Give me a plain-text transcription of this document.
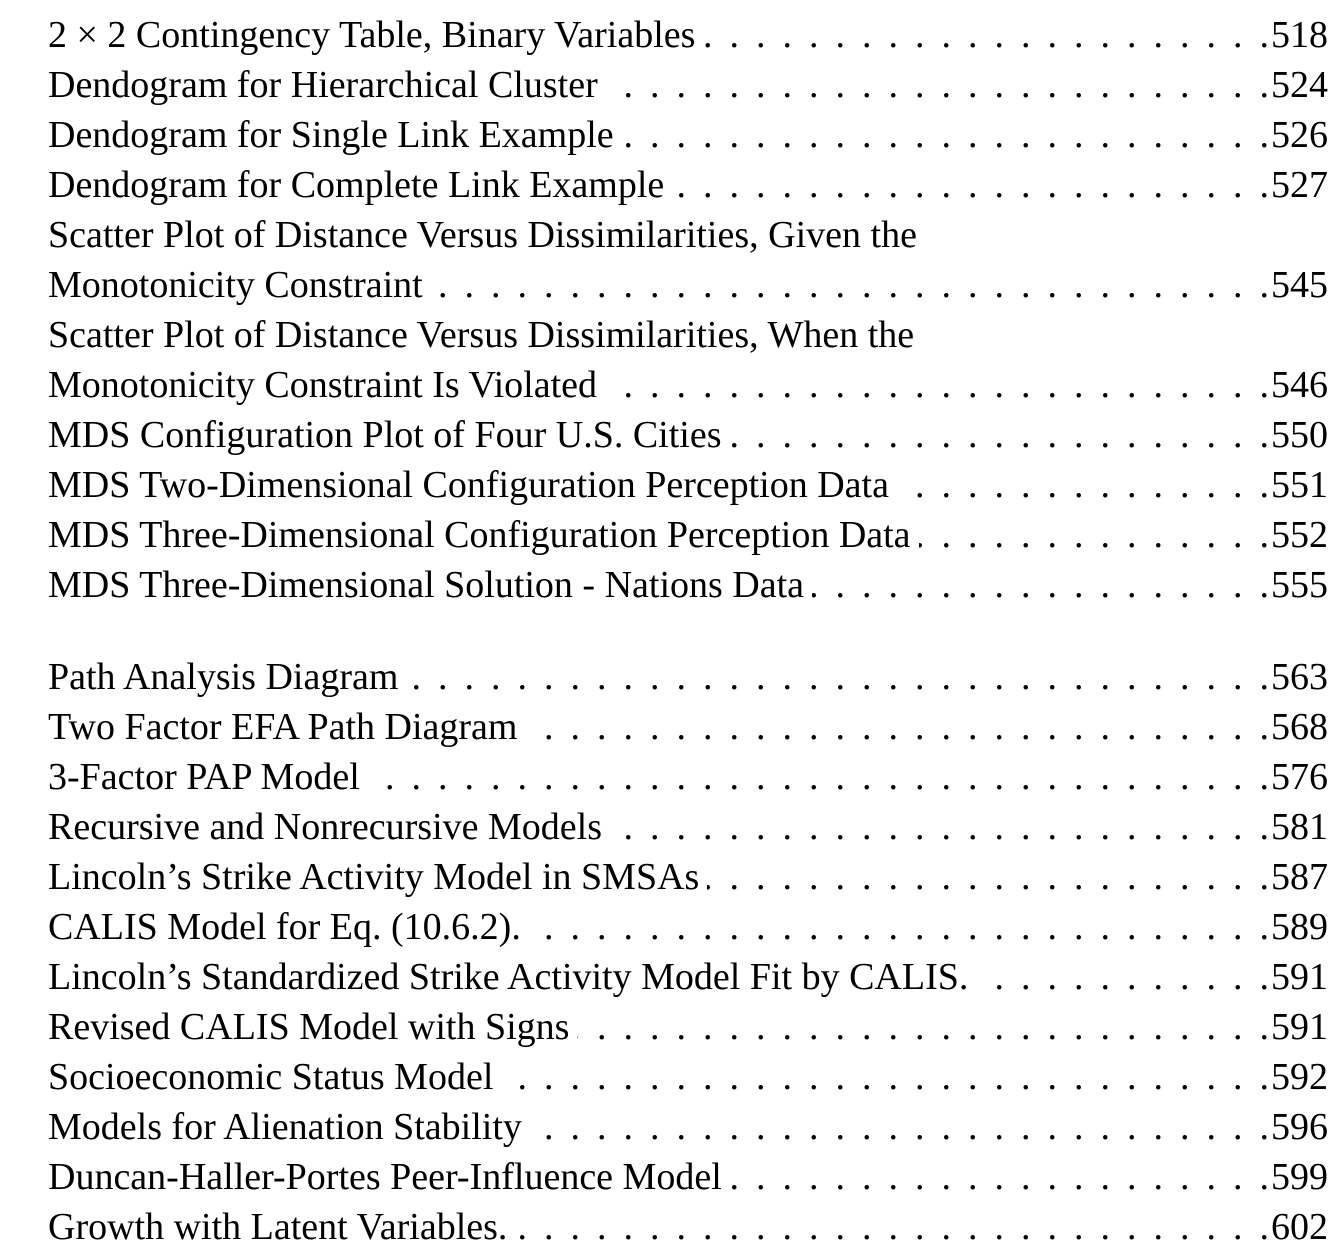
2 × 2 Contingency Table, Binary Variables . . .	518
Dendogram for Hierarchical Cluster . . .	524
Dendogram for Single Link Example . . .	526
Dendogram for Complete Link Example . . .	527
Scatter Plot of Distance Versus Dissimilarities, Given the
Monotonicity Constraint . . .	545
Scatter Plot of Distance Versus Dissimilarities, When the
Monotonicity Constraint Is Violated . . .	546
MDS Configuration Plot of Four U.S. Cities . . .	550
MDS Two-Dimensional Configuration Perception Data . . .	551
MDS Three-Dimensional Configuration Perception Data . . .	552
MDS Three-Dimensional Solution - Nations Data . . .	555
Path Analysis Diagram . . .	563
Two Factor EFA Path Diagram . . .	568
3-Factor PAP Model . . .	576
Recursive and Nonrecursive Models . . .	581
Lincoln’s Strike Activity Model in SMSAs . . .	587
CALIS Model for Eq. (10.6.2). . . .	589
Lincoln’s Standardized Strike Activity Model Fit by CALIS. . . .	591
Revised CALIS Model with Signs . . .	591
Socioeconomic Status Model . . .	592
Models for Alienation Stability . . .	596
Duncan-Haller-Portes Peer-Influence Model . . .	599
Growth with Latent Variables. . . .	602
